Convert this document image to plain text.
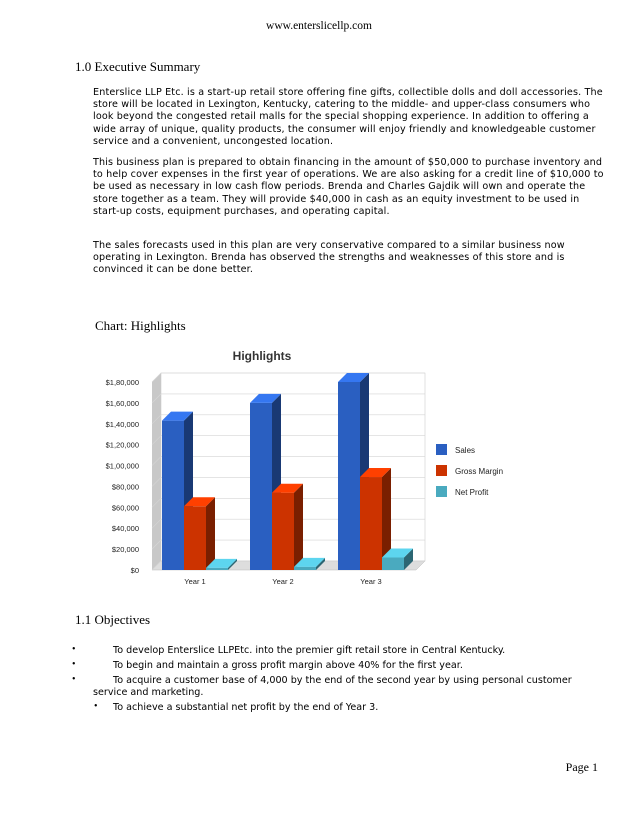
www.enterslicellp.com
1.0 Executive Summary
Enterslice LLP Etc. is a start-up retail store offering fine gifts, collectible dolls and doll accessories. The store will be located in Lexington, Kentucky, catering to the middle- and upper-class consumers who look beyond the congested retail malls for the special shopping experience. In addition to offering a wide array of unique, quality products, the consumer will enjoy friendly and knowledgeable customer service and a convenient, uncongested location.
This business plan is prepared to obtain financing in the amount of $50,000 to purchase inventory and to help cover expenses in the first year of operations. We are also asking for a credit line of $10,000 to be used as necessary in low cash flow periods. Brenda and Charles Gajdik will own and operate the store together as a team. They will provide $40,000 in cash as an equity investment to be used in start-up costs, equipment purchases, and operating capital.
The sales forecasts used in this plan are very conservative compared to a similar business now operating in Lexington. Brenda has observed the strengths and weaknesses of this store and is convinced it can be done better.
Chart: Highlights
Highlights
$0
$20,000
$40,000
$60,000
$80,000
$1,00,000
$1,20,000
$1,40,000
$1,60,000
$1,80,000
Year 1	Year 2	Year 3
Sales
Gross Margin
Net Profit
1.1 Objectives
•	To develop Enterslice LLPEtc. into the premier gift retail store in Central Kentucky.
•	To begin and maintain a gross profit margin above 40% for the first year.
•	To acquire a customer base of 4,000 by the end of the second year by using personal customer service and marketing.
• To achieve a substantial net profit by the end of Year 3.
Page 1
